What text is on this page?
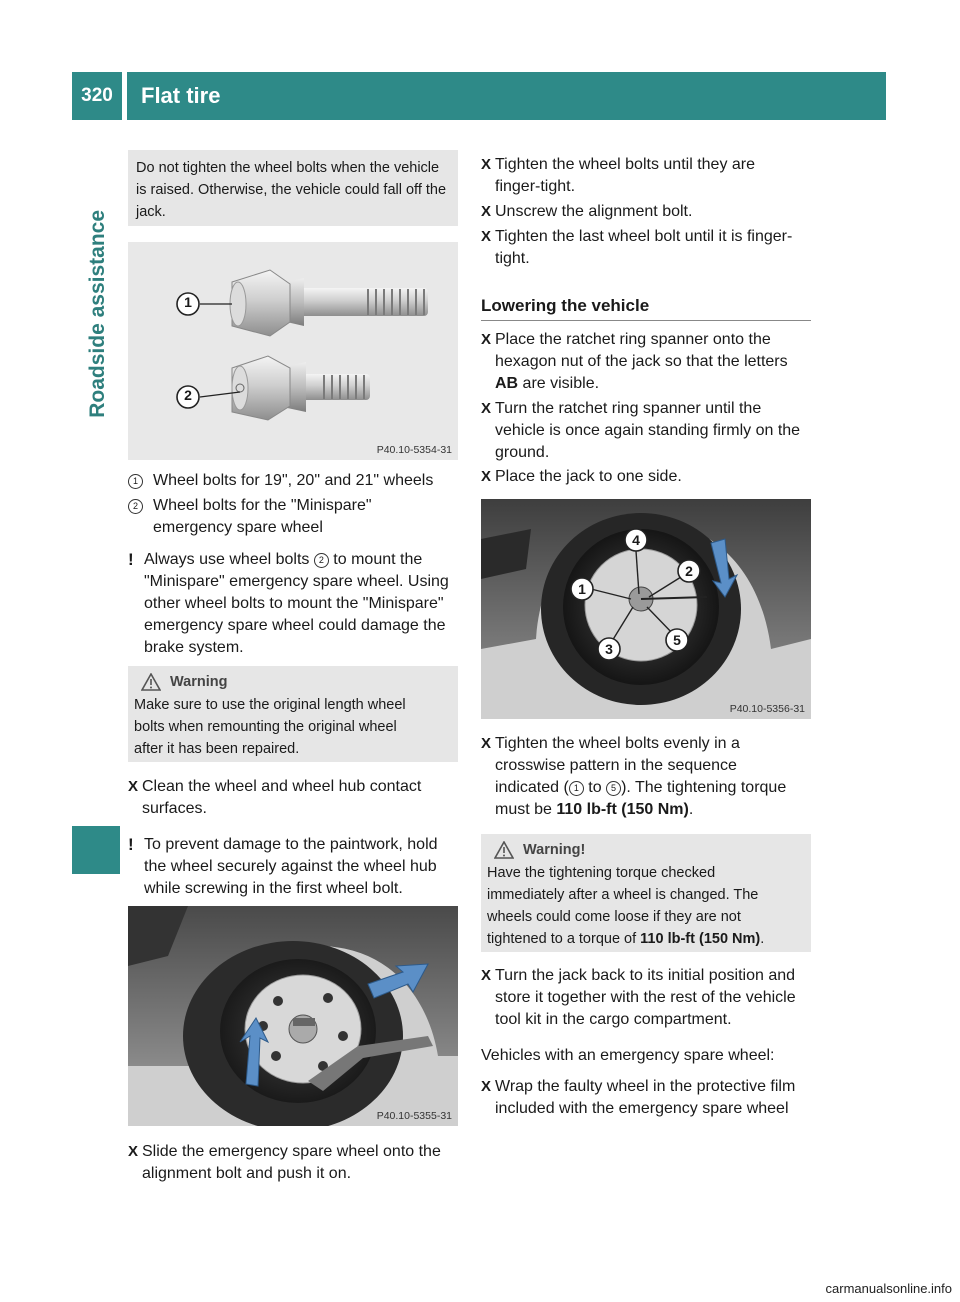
320	Flat tire
Roadside assistance
Do not tighten the wheel bolts when the vehicle is raised. Otherwise, the vehicle could fall off the jack.
1
2
P40.10-5354-31
1 Wheel bolts for 19", 20" and 21" wheels
2 Wheel bolts for the "Minispare"
emergency spare wheel
! Always use wheel bolts 2 to mount the
"Minispare" emergency spare wheel. Using
other wheel bolts to mount the "Minispare"
emergency spare wheel could damage the
brake system.
Warning
Make sure to use the original length wheel
bolts when remounting the original wheel
after it has been repaired.
X Clean the wheel and wheel hub contact
surfaces.
! To prevent damage to the paintwork, hold
the wheel securely against the wheel hub
while screwing in the first wheel bolt.
P40.10-5355-31
X Slide the emergency spare wheel onto the
alignment bolt and push it on.
X Tighten the wheel bolts until they are
finger-tight.
X Unscrew the alignment bolt.
X Tighten the last wheel bolt until it is finger-
tight.
Lowering the vehicle
X Place the ratchet ring spanner onto the
hexagon nut of the jack so that the letters
AB are visible.
X Turn the ratchet ring spanner until the
vehicle is once again standing firmly on the
ground.
X Place the jack to one side.
1
2
3
4
5
P40.10-5356-31
X Tighten the wheel bolts evenly in a
crosswise pattern in the sequence
indicated ( 1 to 5 ). The tightening torque
must be 110 lb-ft (150 Nm).
Warning!
Have the tightening torque checked
immediately after a wheel is changed. The
wheels could come loose if they are not
tightened to a torque of 110 lb-ft (150 Nm).
X Turn the jack back to its initial position and
store it together with the rest of the vehicle
tool kit in the cargo compartment.
Vehicles with an emergency spare wheel:
X Wrap the faulty wheel in the protective film
included with the emergency spare wheel
carmanualsonline.info
